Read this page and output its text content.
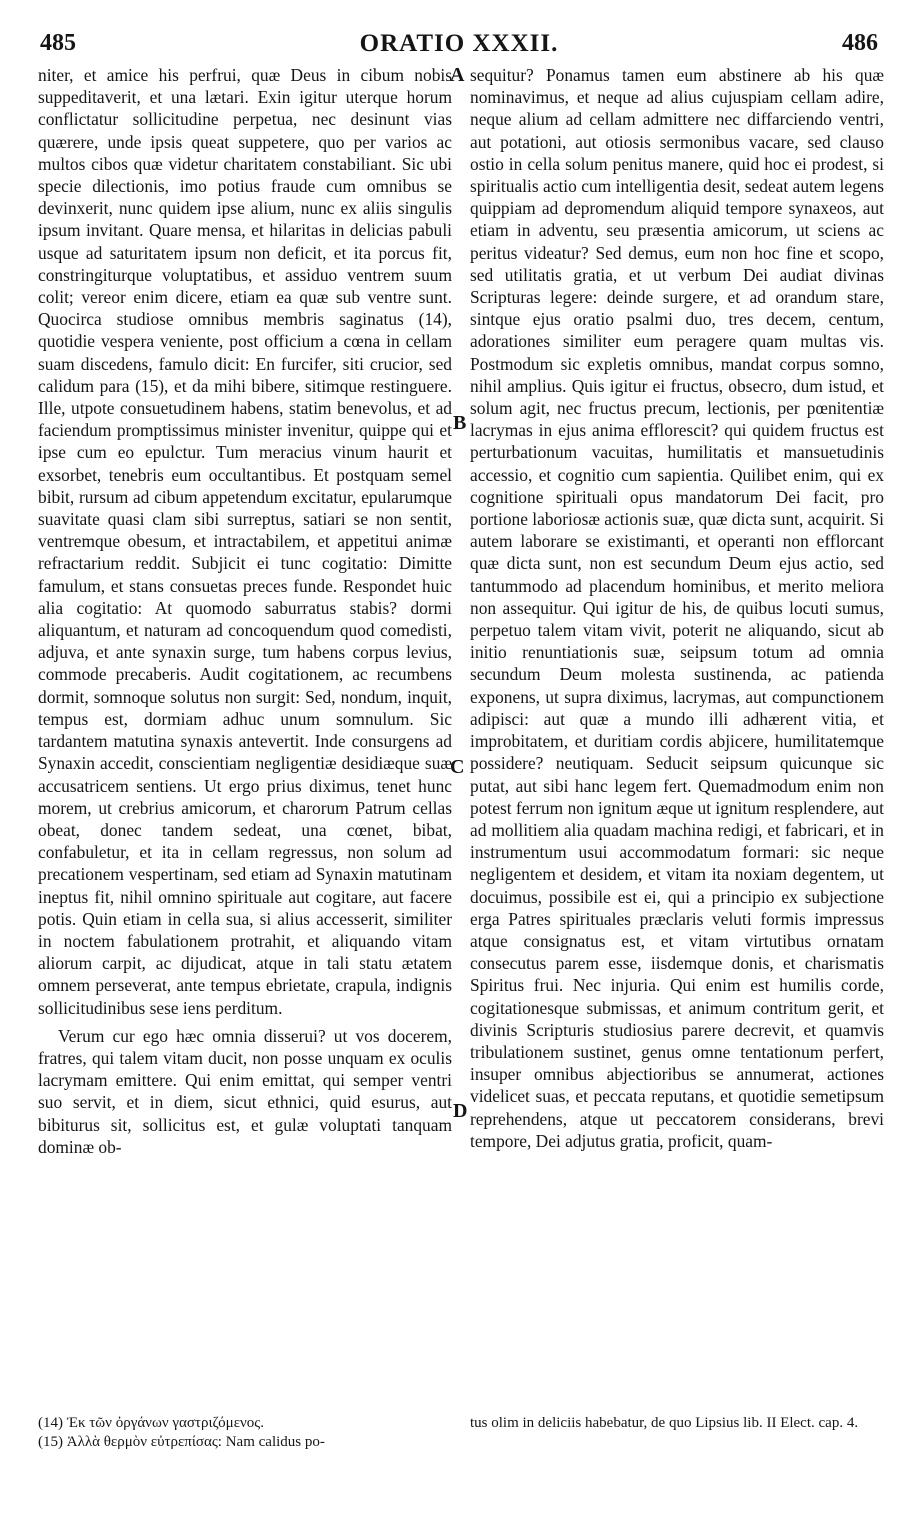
485	ORATIO XXXII.	486

niter, et amice his perfrui, quæ Deus in cibum nobis suppeditaverit, et una lætari. Exin igitur uterque horum conflictatur sollicitudine perpetua, nec desinunt vias quærere, unde ipsis queat suppetere, quo per varios ac multos cibos quæ videtur charitatem constabiliant. Sic ubi specie dilectionis, imo potius fraude cum omnibus se devinxerit, nunc quidem ipse alium, nunc ex aliis singulis ipsum invitant. Quare mensa, et hilaritas in delicias pabuli usque ad saturitatem ipsum non deficit, et ita porcus fit, constringiturque voluptatibus, et assiduo ventrem suum colit; vereor enim dicere, etiam ea quæ sub ventre sunt. Quocirca studiose omnibus membris saginatus (14), quotidie vespera veniente, post officium a cœna in cellam suam discedens, famulo dicit: En furcifer, siti crucior, sed calidum para (15), et da mihi bibere, sitimque restinguere. Ille, utpote consuetudinem habens, statim benevolus, et ad faciendum promptissimus minister invenitur, quippe qui et ipse cum eo epulctur. Tum meracius vinum haurit et exsorbet, tenebris eum occultantibus. Et postquam semel bibit, rursum ad cibum appetendum excitatur, epularumque suavitate quasi clam sibi surreptus, satiari se non sentit, ventremque obesum, et intractabilem, et appetitui animæ refractarium reddit. Subjicit ei tunc cogitatio: Dimitte famulum, et stans consuetas preces funde. Respondet huic alia cogitatio: At quomodo saburratus stabis? dormi aliquantum, et naturam ad concoquendum quod comedisti, adjuva, et ante synaxin surge, tum habens corpus levius, commode precaberis. Audit cogitationem, ac recumbens dormit, somnoque solutus non surgit: Sed, nondum, inquit, tempus est, dormiam adhuc unum somnulum. Sic tardantem matutina synaxis antevertit. Inde consurgens ad Synaxin accedit, conscientiam negligentiæ desidiæque suæ accusatricem sentiens. Ut ergo prius diximus, tenet hunc morem, ut crebrius amicorum, et charorum Patrum cellas obeat, donec tandem sedeat, una cœnet, bibat, confabuletur, et ita in cellam regressus, non solum ad precationem vespertinam, sed etiam ad Synaxin matutinam ineptus fit, nihil omnino spirituale aut cogitare, aut facere potis. Quin etiam in cella sua, si alius accesserit, similiter in noctem fabulationem protrahit, et aliquando vitam aliorum carpit, ac dijudicat, atque in tali statu ætatem omnem perseverat, ante tempus ebrietate, crapula, indignis sollicitudinibus sese iens perditum.

Verum cur ego hæc omnia disserui? ut vos docerem, fratres, qui talem vitam ducit, non posse unquam ex oculis lacrymam emittere. Qui enim emittat, qui semper ventri suo servit, et in diem, sicut ethnici, quid esurus, aut bibiturus sit, sollicitus est, et gulæ voluptati tanquam dominæ ob-

sequitur? Ponamus tamen eum abstinere ab his quæ nominavimus, et neque ad alius cujuspiam cellam adire, neque alium ad cellam admittere nec diffarciendo ventri, aut potationi, aut otiosis sermonibus vacare, sed clauso ostio in cella solum penitus manere, quid hoc ei prodest, si spiritualis actio cum intelligentia desit, sedeat autem legens quippiam ad depromendum aliquid tempore synaxeos, aut etiam in adventu, seu præsentia amicorum, ut sciens ac peritus videatur? Sed demus, eum non hoc fine et scopo, sed utilitatis gratia, et ut verbum Dei audiat divinas Scripturas legere: deinde surgere, et ad orandum stare, sintque ejus oratio psalmi duo, tres decem, centum, adorationes similiter eum peragere quam multas vis. Postmodum sic expletis omnibus, mandat corpus somno, nihil amplius. Quis igitur ei fructus, obsecro, dum istud, et solum agit, nec fructus precum, lectionis, per pœnitentiæ lacrymas in ejus anima efflorescit? qui quidem fructus est perturbationum vacuitas, humilitatis et mansuetudinis accessio, et cognitio cum sapientia. Quilibet enim, qui ex cognitione spirituali opus mandatorum Dei facit, pro portione laboriosæ actionis suæ, quæ dicta sunt, acquirit. Si autem laborare se existimanti, et operanti non efflorcant quæ dicta sunt, non est secundum Deum ejus actio, sed tantummodo ad placendum hominibus, et merito meliora non assequitur. Qui igitur de his, de quibus locuti sumus, perpetuo talem vitam vivit, poterit ne aliquando, sicut ab initio renuntiationis suæ, seipsum totum ad omnia secundum Deum molesta sustinenda, ac patienda exponens, ut supra diximus, lacrymas, aut compunctionem adipisci: aut quæ a mundo illi adhærent vitia, et improbitatem, et duritiam cordis abjicere, humilitatemque possidere? neutiquam. Seducit seipsum quicunque sic putat, aut sibi hanc legem fert. Quemadmodum enim non potest ferrum non ignitum æque ut ignitum resplendere, aut ad mollitiem alia quadam machina redigi, et fabricari, et in instrumentum usui accommodatum formari: sic neque negligentem et desidem, et vitam ita noxiam degentem, ut docuimus, possibile est ei, qui a principio ex subjectione erga Patres spirituales præclaris veluti formis impressus atque consignatus est, et vitam virtutibus ornatam consecutus parem esse, iisdemque donis, et charismatis Spiritus frui. Nec injuria. Qui enim est humilis corde, cogitationesque submissas, et animum contritum gerit, et divinis Scripturis studiosius parere decrevit, et quamvis tribulationem sustinet, genus omne tentationum perfert, insuper omnibus abjectioribus se annumerat, actiones videlicet suas, et peccata reputans, et quotidie semetipsum reprehendens, atque ut peccatorem considerans, brevi tempore, Dei adjutus gratia, proficit, quam-

A
B
C
D

(14) Ἐκ τῶν ὀργάνων γαστριζόμενος.

(15) Ἀλλὰ θερμὸν εὐτρεπίσας: Nam calidus po-

tus olim in deliciis habebatur, de quo Lipsius lib. II Elect. cap. 4.
